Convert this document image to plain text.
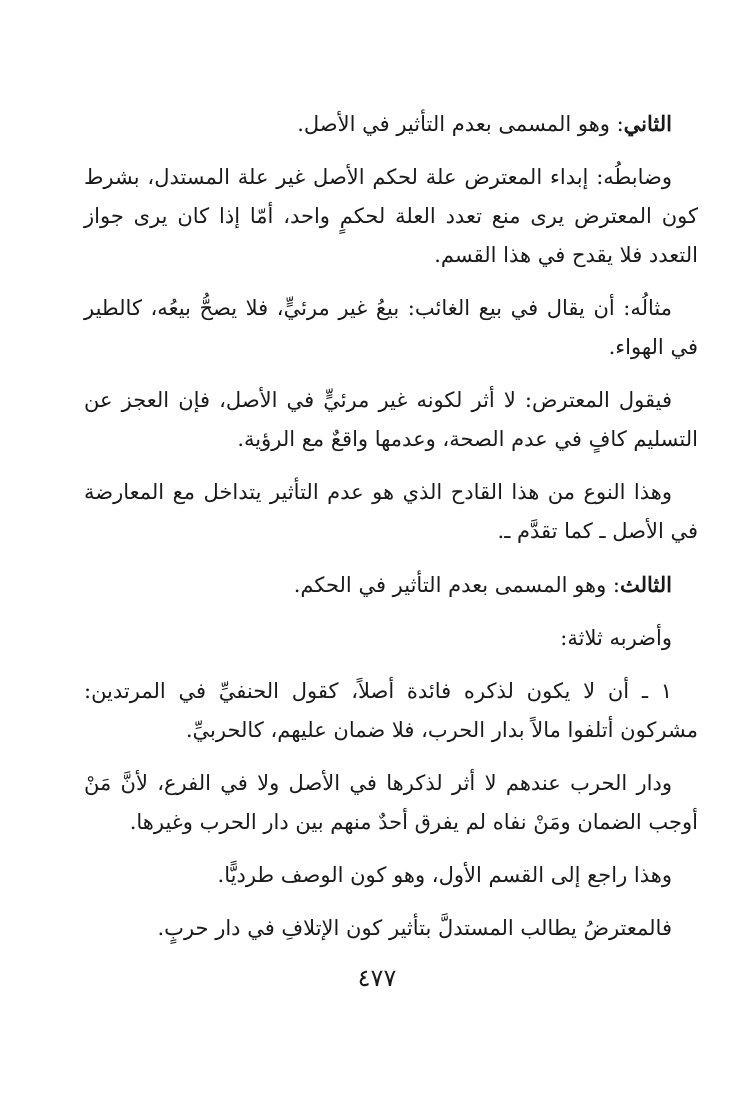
الثاني: وهو المسمى بعدم التأثير في الأصل.

وضابطُه: إبداء المعترض علة لحكم الأصل غير علة المستدل، بشرط كون المعترض يرى منع تعدد العلة لحكمٍ واحد، أمّا إذا كان يرى جواز التعدد فلا يقدح في هذا القسم.

مثالُه: أن يقال في بيع الغائب: بيعُ غير مرئيٍّ، فلا يصحُّ بيعُه، كالطير في الهواء.

فيقول المعترض: لا أثر لكونه غير مرئيٍّ في الأصل، فإن العجز عن التسليم كافٍ في عدم الصحة، وعدمها واقعٌ مع الرؤية.

وهذا النوع من هذا القادح الذي هو عدم التأثير يتداخل مع المعارضة في الأصل ـ كما تقدَّم ـ.

الثالث: وهو المسمى بعدم التأثير في الحكم.

وأضربه ثلاثة:

١ ـ أن لا يكون لذكره فائدة أصلاً، كقول الحنفيِّ في المرتدين: مشركون أتلفوا مالاً بدار الحرب، فلا ضمان عليهم، كالحربيِّ.

ودار الحرب عندهم لا أثر لذكرها في الأصل ولا في الفرع، لأنَّ مَنْ أوجب الضمان ومَنْ نفاه لم يفرق أحدٌ منهم بين دار الحرب وغيرها.

وهذا راجع إلى القسم الأول، وهو كون الوصف طرديًّا.

فالمعترضُ يطالب المستدلَّ بتأثير كون الإتلافِ في دار حربٍ.

٤٧٧
